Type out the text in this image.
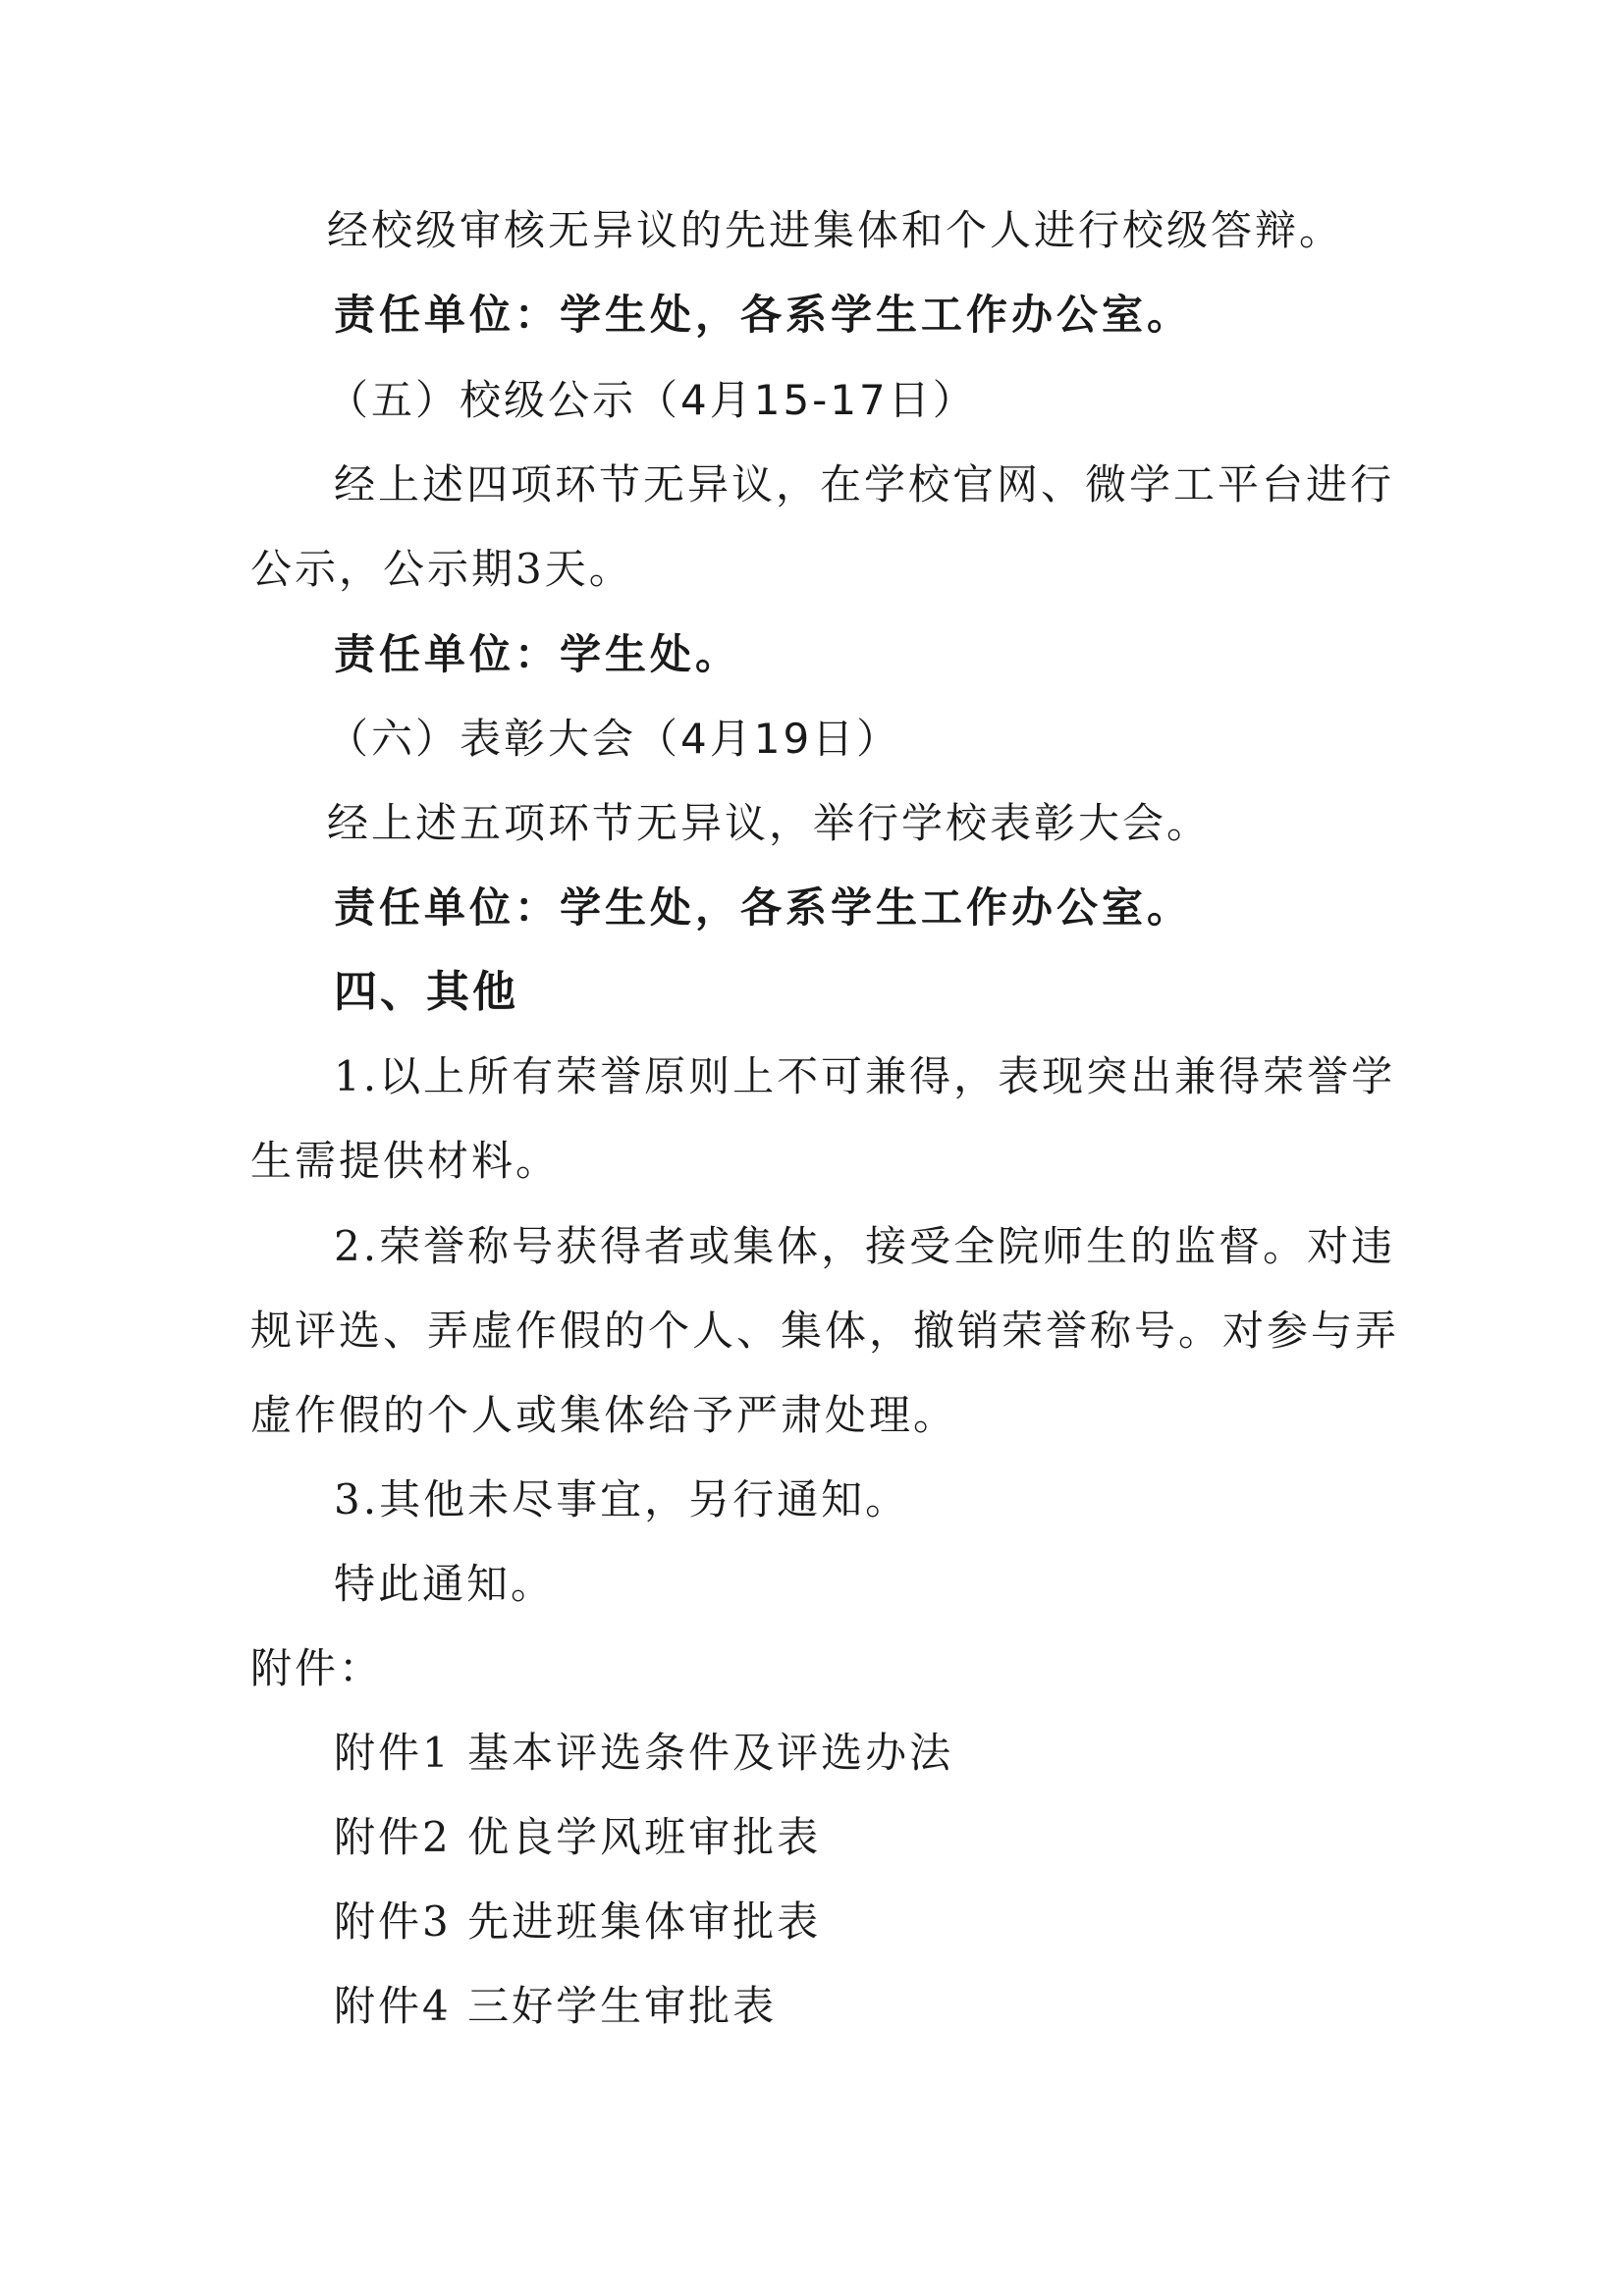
经校级审核无异议的先进集体和个人进行校级答辩。
责任单位：学生处，各系学生工作办公室。
（五）校级公示（4月15-17日）
经上述四项环节无异议，在学校官网、微学工平台进行
公示，公示期3天。
责任单位：学生处。
（六）表彰大会（4月19日）
经上述五项环节无异议，举行学校表彰大会。
责任单位：学生处，各系学生工作办公室。
四、其他
1.以上所有荣誉原则上不可兼得，表现突出兼得荣誉学
生需提供材料。
2.荣誉称号获得者或集体，接受全院师生的监督。对违
规评选、弄虚作假的个人、集体，撤销荣誉称号。对参与弄
虚作假的个人或集体给予严肃处理。
3.其他未尽事宜，另行通知。
特此通知。
附件：
附件1 基本评选条件及评选办法
附件2 优良学风班审批表
附件3 先进班集体审批表
附件4 三好学生审批表
